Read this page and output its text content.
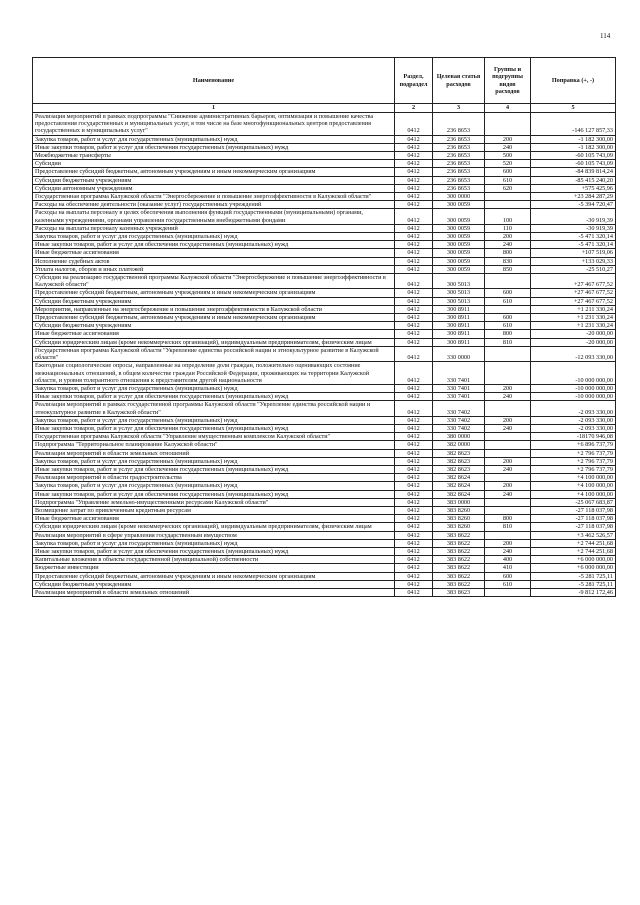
114
Наименование	Раздел, подраздел	Целевая статья расходов	Группы и подгруппы видов расходов	Поправка (+, -)
1	2	3	4	5
Реализация мероприятий в рамках подпрограммы "Снижение административных барьеров, оптимизация и повышение качества предоставления государственных и муниципальных услуг, в том числе на базе многофункциональных центров предоставления государственных и муниципальных услуг"	0412	236 8653		-146 127 857,33
Закупка товаров, работ и услуг для государственных (муниципальных) нужд	0412	236 8653	200	-1 182 300,00
Иные закупки товаров, работ и услуг для обеспечения государственных (муниципальных) нужд	0412	236 8653	240	-1 182 300,00
Межбюджетные трансферты	0412	236 8653	500	-60 105 743,09
Субсидии	0412	236 8653	520	-60 105 743,09
Предоставление субсидий бюджетным, автономным учреждениям и иным некоммерческим организациям	0412	236 8653	600	-84 839 814,24
Субсидии бюджетным учреждениям	0412	236 8653	610	-85 415 240,20
Субсидии автономным учреждениям	0412	236 8653	620	+575 425,96
Государственная программа Калужской области "Энергосбережение и повышение энергоэффективности в Калужской области"	0412	300 0000		+23 284 287,29
Расходы на обеспечение деятельности (оказание услуг) государственных учреждений	0412	300 0059		-5 394 720,47
Расходы на выплаты персоналу в целях обеспечения выполнения функций государственными (муниципальными) органами, казенными учреждениями, органами управления государственными внебюджетными фондами	0412	300 0059	100	-30 919,39
Расходы на выплаты персоналу казенных учреждений	0412	300 0059	110	-30 919,39
Закупка товаров, работ и услуг для государственных (муниципальных) нужд	0412	300 0059	200	-5 471 320,14
Иные закупки товаров, работ и услуг для обеспечения государственных (муниципальных) нужд	0412	300 0059	240	-5 471 320,14
Иные бюджетные ассигнования	0412	300 0059	800	+107 519,06
Исполнение судебных актов	0412	300 0059	830	+133 029,33
Уплата налогов, сборов и иных платежей	0412	300 0059	850	-25 510,27
Субсидии на реализацию государственной программы Калужской области "Энергосбережение и повышение энергоэффективности в Калужской области"	0412	300 5013		+27 467 677,52
Предоставление субсидий бюджетным, автономным учреждениям и иным некоммерческим организациям	0412	300 5013	600	+27 467 677,52
Субсидии бюджетным учреждениям	0412	300 5013	610	+27 467 677,52
Мероприятия, направленные на энергосбережение и повышение энергоэффективности в Калужской области	0412	300 8911		+1 211 330,24
Предоставление субсидий бюджетным, автономным учреждениям и иным некоммерческим организациям	0412	300 8911	600	+1 231 330,24
Субсидии бюджетным учреждениям	0412	300 8911	610	+1 231 330,24
Иные бюджетные ассигнования	0412	300 8911	800	-20 000,00
Субсидии юридическим лицам (кроме некоммерческих организаций), индивидуальным предпринимателям, физическим лицам	0412	300 8911	810	-20 000,00
Государственная программа Калужской области "Укрепление единства российской нации и этнокультурное развитие в Калужской области"	0412	330 0000		-12 093 330,00
Ежегодные социологические опросы, направленные на определение доли граждан, положительно оценивающих состояние межнациональных отношений, в общем количестве граждан Российской Федерации, проживающих на территории Калужской области, и уровня толерантного отношения к представителям другой национальности	0412	330 7401		-10 000 000,00
Закупка товаров, работ и услуг для государственных (муниципальных) нужд	0412	330 7401	200	-10 000 000,00
Иные закупки товаров, работ и услуг для обеспечения государственных (муниципальных) нужд	0412	330 7401	240	-10 000 000,00
Реализация мероприятий в рамках государственной программы Калужской области "Укрепление единства российской нации и этнокультурное развитие в Калужской области"	0412	330 7402		-2 093 330,00
Закупка товаров, работ и услуг для государственных (муниципальных) нужд	0412	330 7402	200	-2 093 330,00
Иные закупки товаров, работ и услуг для обеспечения государственных (муниципальных) нужд	0412	330 7402	240	-2 093 330,00
Государственная программа Калужской области "Управление имущественным комплексом Калужской области"	0412	380 0000		-18170 946,08
Подпрограмма "Территориальное планирование Калужской области"	0412	382 0000		+6 896 737,79
Реализация мероприятий в области земельных отношений	0412	382 8623		+2 796 737,79
Закупка товаров, работ и услуг для государственных (муниципальных) нужд	0412	382 8623	200	+2 796 737,79
Иные закупки товаров, работ и услуг для обеспечения государственных (муниципальных) нужд	0412	382 8623	240	+2 796 737,79
Реализация мероприятий в области градостроительства	0412	382 8624		+4 100 000,00
Закупка товаров, работ и услуг для государственных (муниципальных) нужд	0412	382 8624	200	+4 100 000,00
Иные закупки товаров, работ и услуг для обеспечения государственных (муниципальных) нужд	0412	382 8624	240	+4 100 000,00
Подпрограмма "Управление земельно-имущественными ресурсами Калужской области"	0412	383 0000		-25 067 683,87
Возмещение затрат по привлеченным кредитным ресурсам	0412	383 8260		-27 118 037,98
Иные бюджетные ассигнования	0412	383 8260	800	-27 118 037,98
Субсидии юридическим лицам (кроме некоммерческих организаций), индивидуальным предпринимателям, физическим лицам	0412	383 8260	810	-27 118 037,98
Реализация мероприятий в сфере управления государственным имуществом	0412	383 8622		+3 462 526,57
Закупка товаров, работ и услуг для государственных (муниципальных) нужд	0412	383 8622	200	+2 744 251,68
Иные закупки товаров, работ и услуг для обеспечения государственных (муниципальных) нужд	0412	383 8622	240	+2 744 251,68
Капитальные вложения в объекты государственной (муниципальной) собственности	0412	383 8622	400	+6 000 000,00
Бюджетные инвестиции	0412	383 8622	410	+6 000 000,00
Предоставление субсидий бюджетным, автономным учреждениям и иным некоммерческим организациям	0412	383 8622	600	-5 281 725,11
Субсидии бюджетным учреждениям	0412	383 8622	610	-5 281 725,11
Реализация мероприятий в области земельных отношений	0412	383 8623		-9 812 172,46
